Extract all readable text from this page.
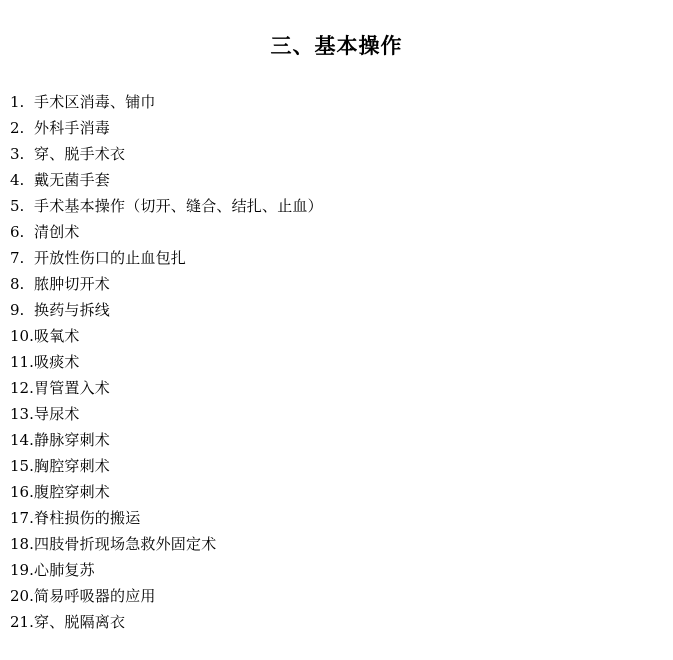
三、基本操作
1. 手术区消毒、铺巾
2. 外科手消毒
3. 穿、脱手术衣
4. 戴无菌手套
5. 手术基本操作（切开、缝合、结扎、止血）
6. 清创术
7. 开放性伤口的止血包扎
8. 脓肿切开术
9. 换药与拆线
10. 吸氧术
11. 吸痰术
12. 胃管置入术
13. 导尿术
14. 静脉穿刺术
15. 胸腔穿刺术
16. 腹腔穿刺术
17. 脊柱损伤的搬运
18. 四肢骨折现场急救外固定术
19. 心肺复苏
20. 简易呼吸器的应用
21. 穿、脱隔离衣
